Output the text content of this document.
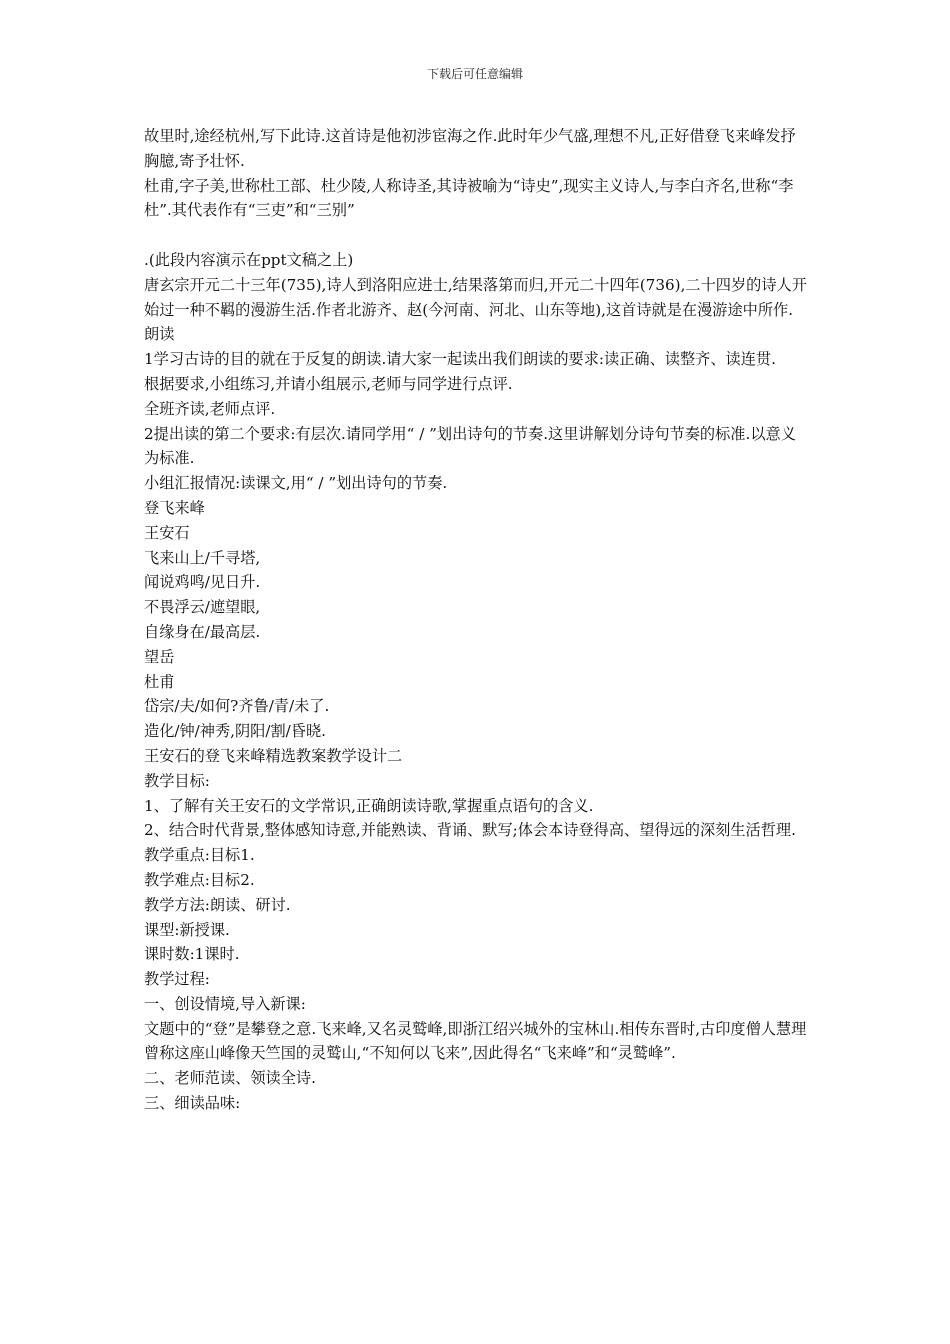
下载后可任意编辑

故里时,途经杭州,写下此诗.这首诗是他初涉宦海之作.此时年少气盛,理想不凡,正好借登飞来峰发抒胸臆,寄予壮怀.

杜甫,字子美,世称杜工部、杜少陵,人称诗圣,其诗被喻为“诗史”,现实主义诗人,与李白齐名,世称“李杜”.其代表作有“三吏”和“三别”

.(此段内容演示在ppt文稿之上)

唐玄宗开元二十三年(735),诗人到洛阳应进士,结果落第而归,开元二十四年(736),二十四岁的诗人开始过一种不羁的漫游生活.作者北游齐、赵(今河南、河北、山东等地),这首诗就是在漫游途中所作.

朗读

1学习古诗的目的就在于反复的朗读.请大家一起读出我们朗读的要求:读正确、读整齐、读连贯.

根据要求,小组练习,并请小组展示,老师与同学进行点评.

全班齐读,老师点评.

2提出读的第二个要求:有层次.请同学用“ / ”划出诗句的节奏.这里讲解划分诗句节奏的标准.以意义为标准.

小组汇报情况:读课文,用“ / ”划出诗句的节奏.

登飞来峰

王安石

飞来山上/千寻塔,

闻说鸡鸣/见日升.

不畏浮云/遮望眼,

自缘身在/最高层.

望岳

杜甫

岱宗/夫/如何?齐鲁/青/未了.

造化/钟/神秀,阴阳/割/昏晓.

王安石的登飞来峰精选教案教学设计二

教学目标:

1、了解有关王安石的文学常识,正确朗读诗歌,掌握重点语句的含义.

2、结合时代背景,整体感知诗意,并能熟读、背诵、默写;体会本诗登得高、望得远的深刻生活哲理.

教学重点:目标1.

教学难点:目标2.

教学方法:朗读、研讨.

课型:新授课.

课时数:1课时.

教学过程:

一、创设情境,导入新课:

文题中的“登”是攀登之意.飞来峰,又名灵鹫峰,即浙江绍兴城外的宝林山.相传东晋时,古印度僧人慧理曾称这座山峰像天竺国的灵鹫山,“不知何以飞来”,因此得名“飞来峰”和“灵鹫峰”.

二、老师范读、领读全诗.

三、细读品味:
